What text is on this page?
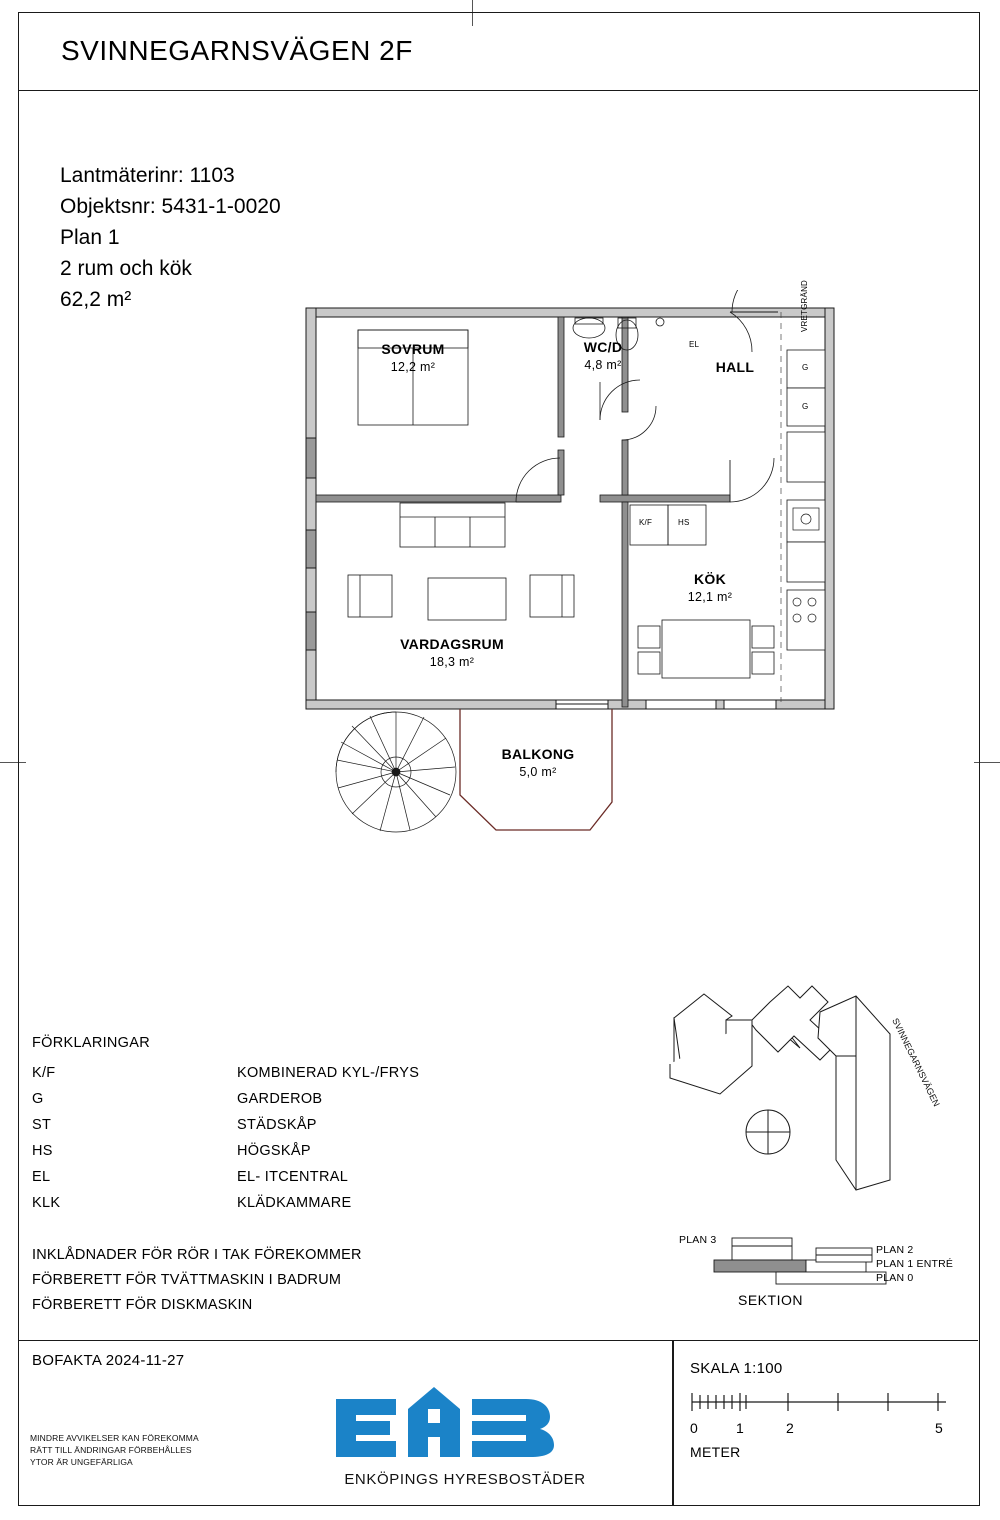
SVINNEGARNSVÄGEN 2F
Lantmäterinr: 1103
Objektsnr: 5431-1-0020
Plan 1
2 rum och kök
62,2 m²
SOVRUM
12,2 m²
WC/D
4,8 m²	HALL
KÖK
12,1 m²
VARDAGSRUM
18,3 m²
BALKONG
5,0 m²
EL
G
G
K/F	HS
VRETGRÄND
FÖRKLARINGAR
K/F	KOMBINERAD KYL-/FRYS
G	GARDEROB
ST	STÄDSKÅP
HS	HÖGSKÅP
EL	EL- ITCENTRAL
KLK	KLÄDKAMMARE
INKLÅDNADER FÖR RÖR I TAK FÖREKOMMER
FÖRBERETT FÖR TVÄTTMASKIN I BADRUM
FÖRBERETT FÖR DISKMASKIN
SVINNEGARNSVÄGEN
PLAN 3
PLAN 2
PLAN 1 ENTRÉ
PLAN 0
SEKTION
BOFAKTA 2024-11-27
MINDRE AVVIKELSER KAN FÖREKOMMA
RÄTT TILL ÄNDRINGAR FÖRBEHÅLLES
YTOR ÄR UNGEFÄRLIGA
ENKÖPINGS HYRESBOSTÄDER
SKALA 1:100
0	1	2	5
METER
